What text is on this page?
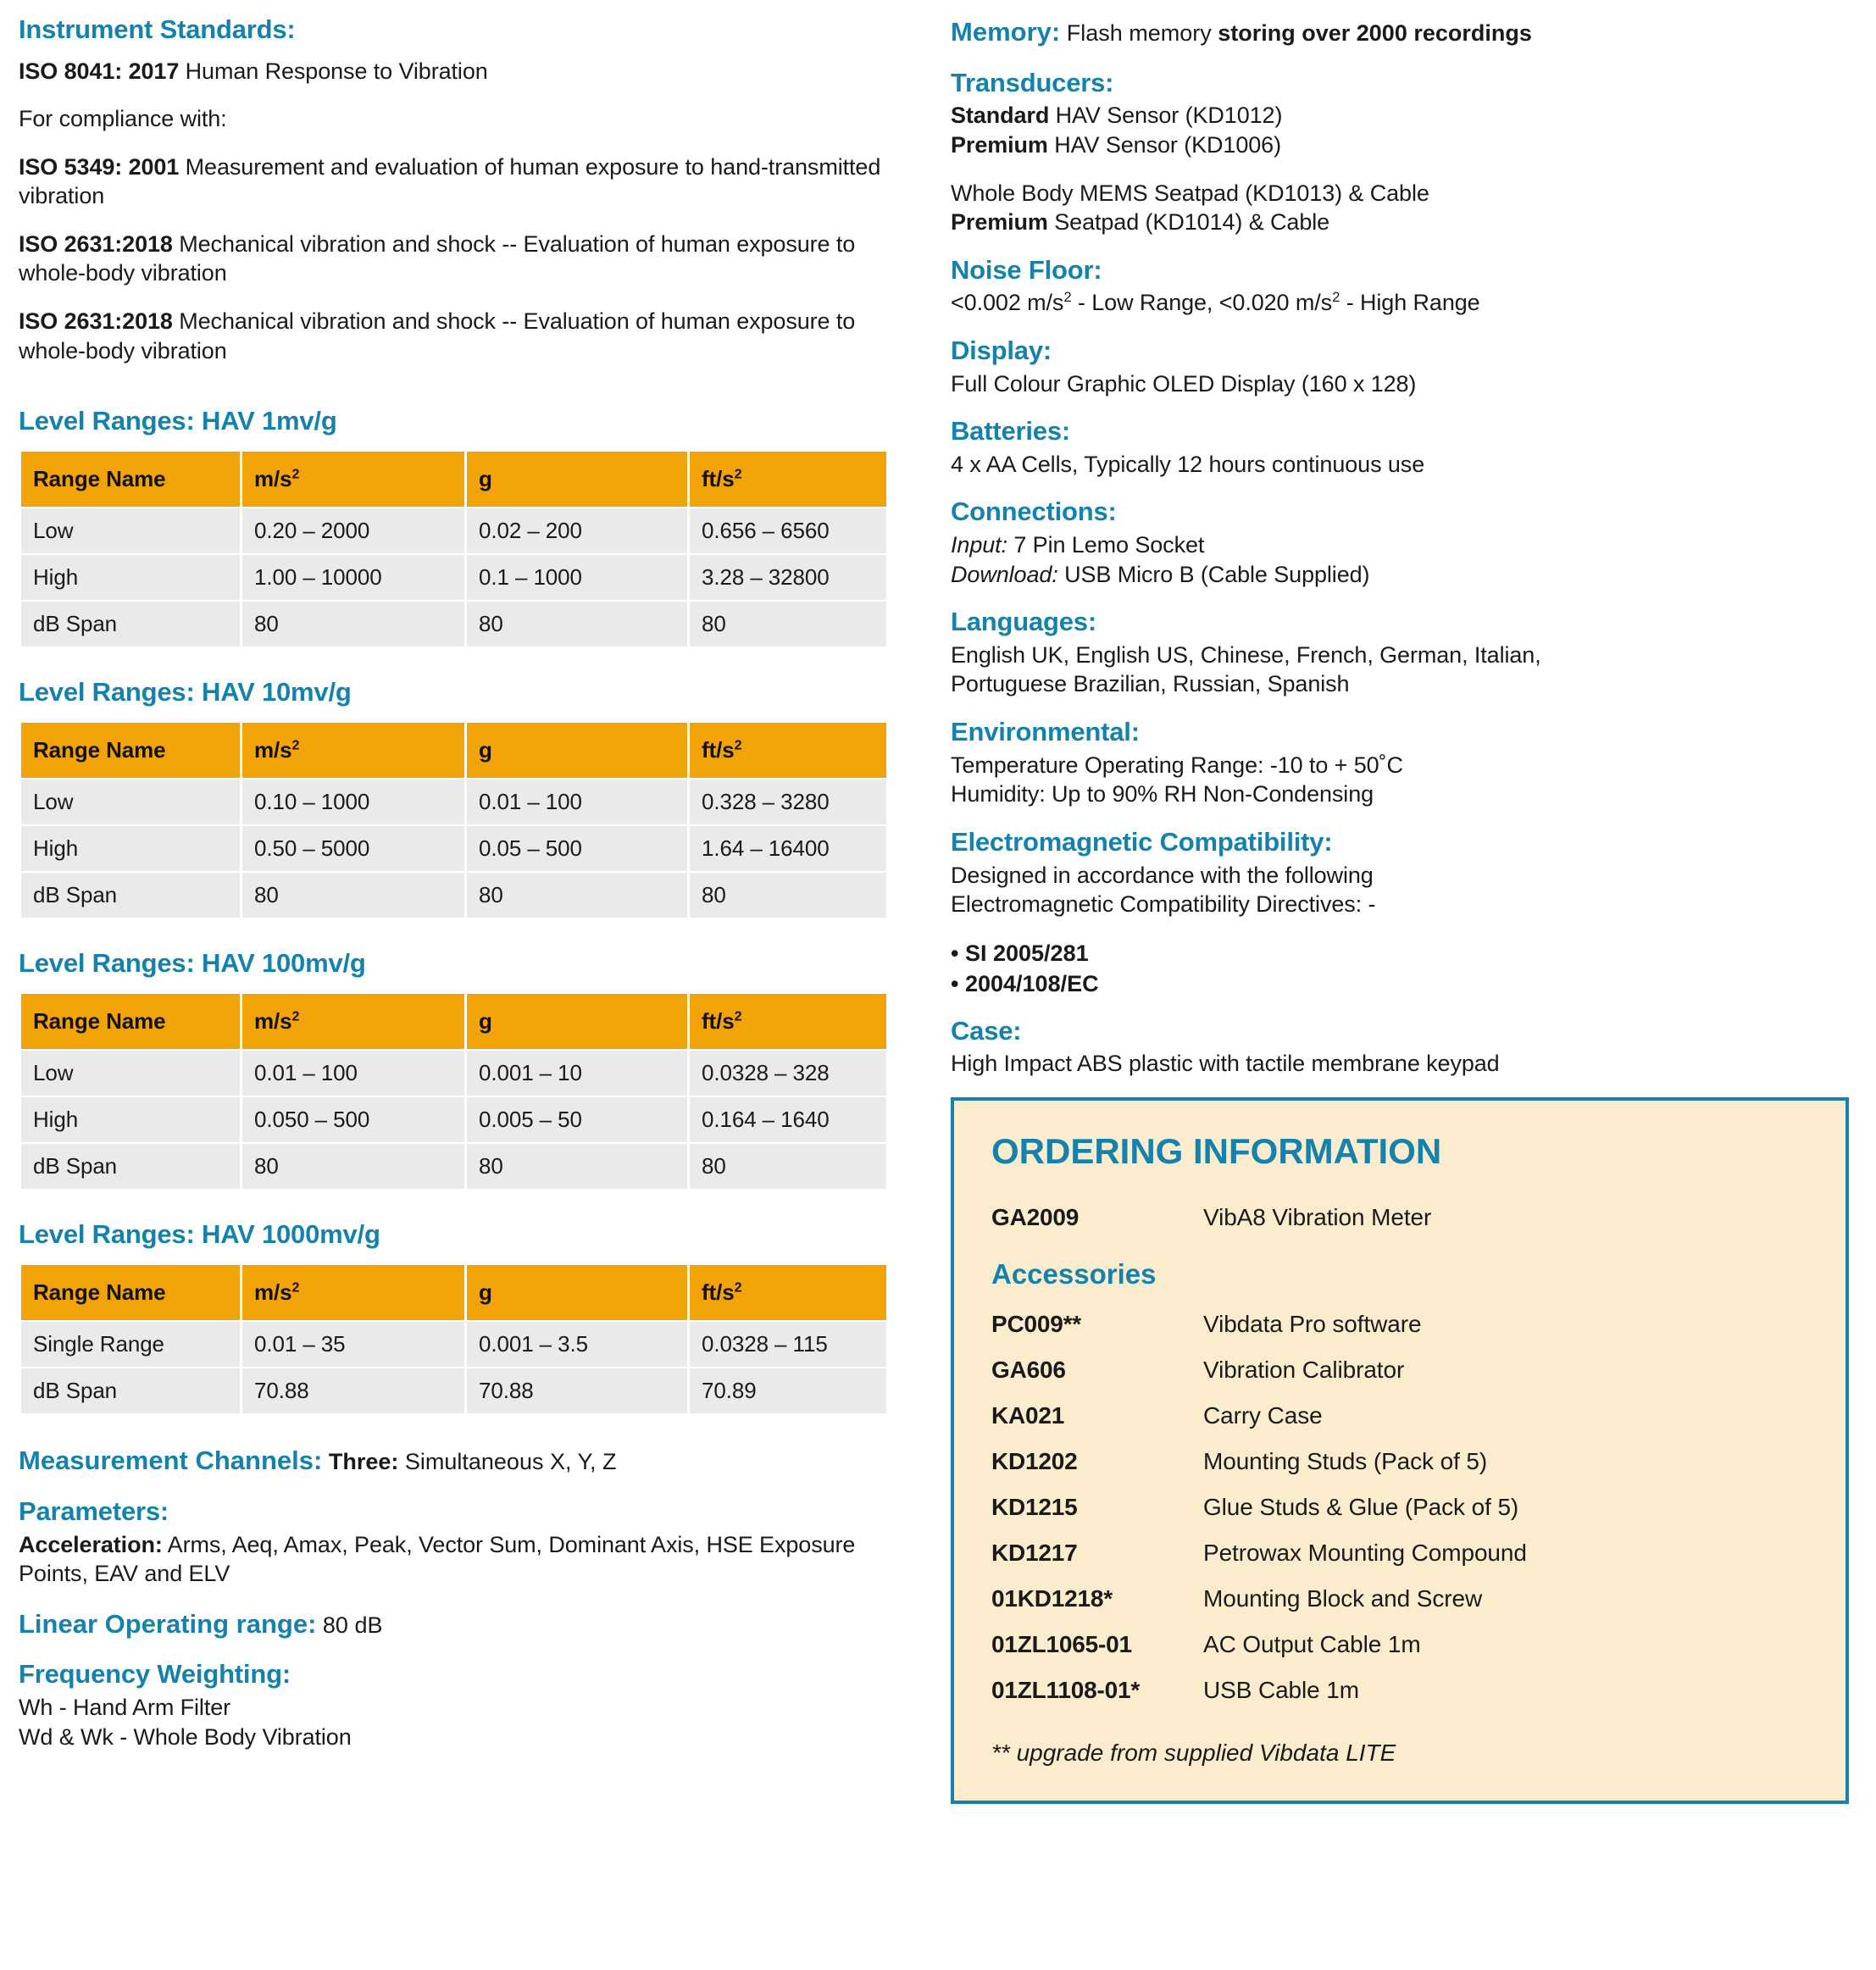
Instrument Standards:

ISO 8041: 2017 Human Response to Vibration

For compliance with:

ISO 5349: 2001 Measurement and evaluation of human exposure to hand-transmitted vibration

ISO 2631:2018 Mechanical vibration and shock -- Evaluation of human exposure to whole-body vibration

ISO 2631:2018 Mechanical vibration and shock -- Evaluation of human exposure to whole-body vibration

Level Ranges: HAV 1mv/g
Range Name	$m/s^2$	g	$ft/s^2$
Low	0.20 – 2000	0.02 – 200	0.656 – 6560
High	1.00 – 10000	0.1 – 1000	3.28 – 32800
dB Span	80	80	80
Level Ranges: HAV 10mv/g
Range Name	$m/s^2$	g	$ft/s^2$
Low	0.10 – 1000	0.01 – 100	0.328 – 3280
High	0.50 – 5000	0.05 – 500	1.64 – 16400
dB Span	80	80	80
Level Ranges: HAV 100mv/g
Range Name	$m/s^2$	g	$ft/s^2$
Low	0.01 – 100	0.001 – 10	0.0328 – 328
High	0.050 – 500	0.005 – 50	0.164 – 1640
dB Span	80	80	80
Level Ranges: HAV 1000mv/g
Range Name	$m/s^2$	g	$ft/s^2$
Single Range	0.01 – 35	0.001 – 3.5	0.0328 – 115
dB Span	70.88	70.88	70.89

Measurement Channels: Three: Simultaneous X, Y, Z

Parameters:

Acceleration: Arms, Aeq, Amax, Peak, Vector Sum, Dominant Axis, HSE Exposure Points, EAV and ELV

Linear Operating range: 80 dB

Frequency Weighting:

Wh - Hand Arm Filter

Wd & Wk - Whole Body Vibration

Memory: Flash memory storing over 2000 recordings

Transducers:

Standard HAV Sensor (KD1012)

Premium HAV Sensor (KD1006)

Whole Body MEMS Seatpad (KD1013) & Cable

Premium Seatpad (KD1014) & Cable

Noise Floor:

<0.002 $m/s^2$ - Low Range, <0.020 $m/s^2$ - High Range

Display:

Full Colour Graphic OLED Display (160 x 128)

Batteries:

4 x AA Cells, Typically 12 hours continuous use

Connections:

Input: 7 Pin Lemo Socket

Download: USB Micro B (Cable Supplied)

Languages:

English UK, English US, Chinese, French, German, Italian,

Portuguese Brazilian, Russian, Spanish

Environmental:

Temperature Operating Range: -10 to + 50˚C

Humidity: Up to 90% RH Non-Condensing

Electromagnetic Compatibility:

Designed in accordance with the following

Electromagnetic Compatibility Directives: -

• SI 2005/281
• 2004/108/EC
Case:

High Impact ABS plastic with tactile membrane keypad

ORDERING INFORMATION
GA2009	VibA8 Vibration Meter
Accessories
PC009**	Vibdata Pro software
GA606	Vibration Calibrator
KA021	Carry Case
KD1202	Mounting Studs (Pack of 5)
KD1215	Glue Studs & Glue (Pack of 5)
KD1217	Petrowax Mounting Compound
01KD1218*	Mounting Block and Screw
01ZL1065-01	AC Output Cable 1m
01ZL1108-01*	USB Cable 1m
** upgrade from supplied Vibdata LITE
